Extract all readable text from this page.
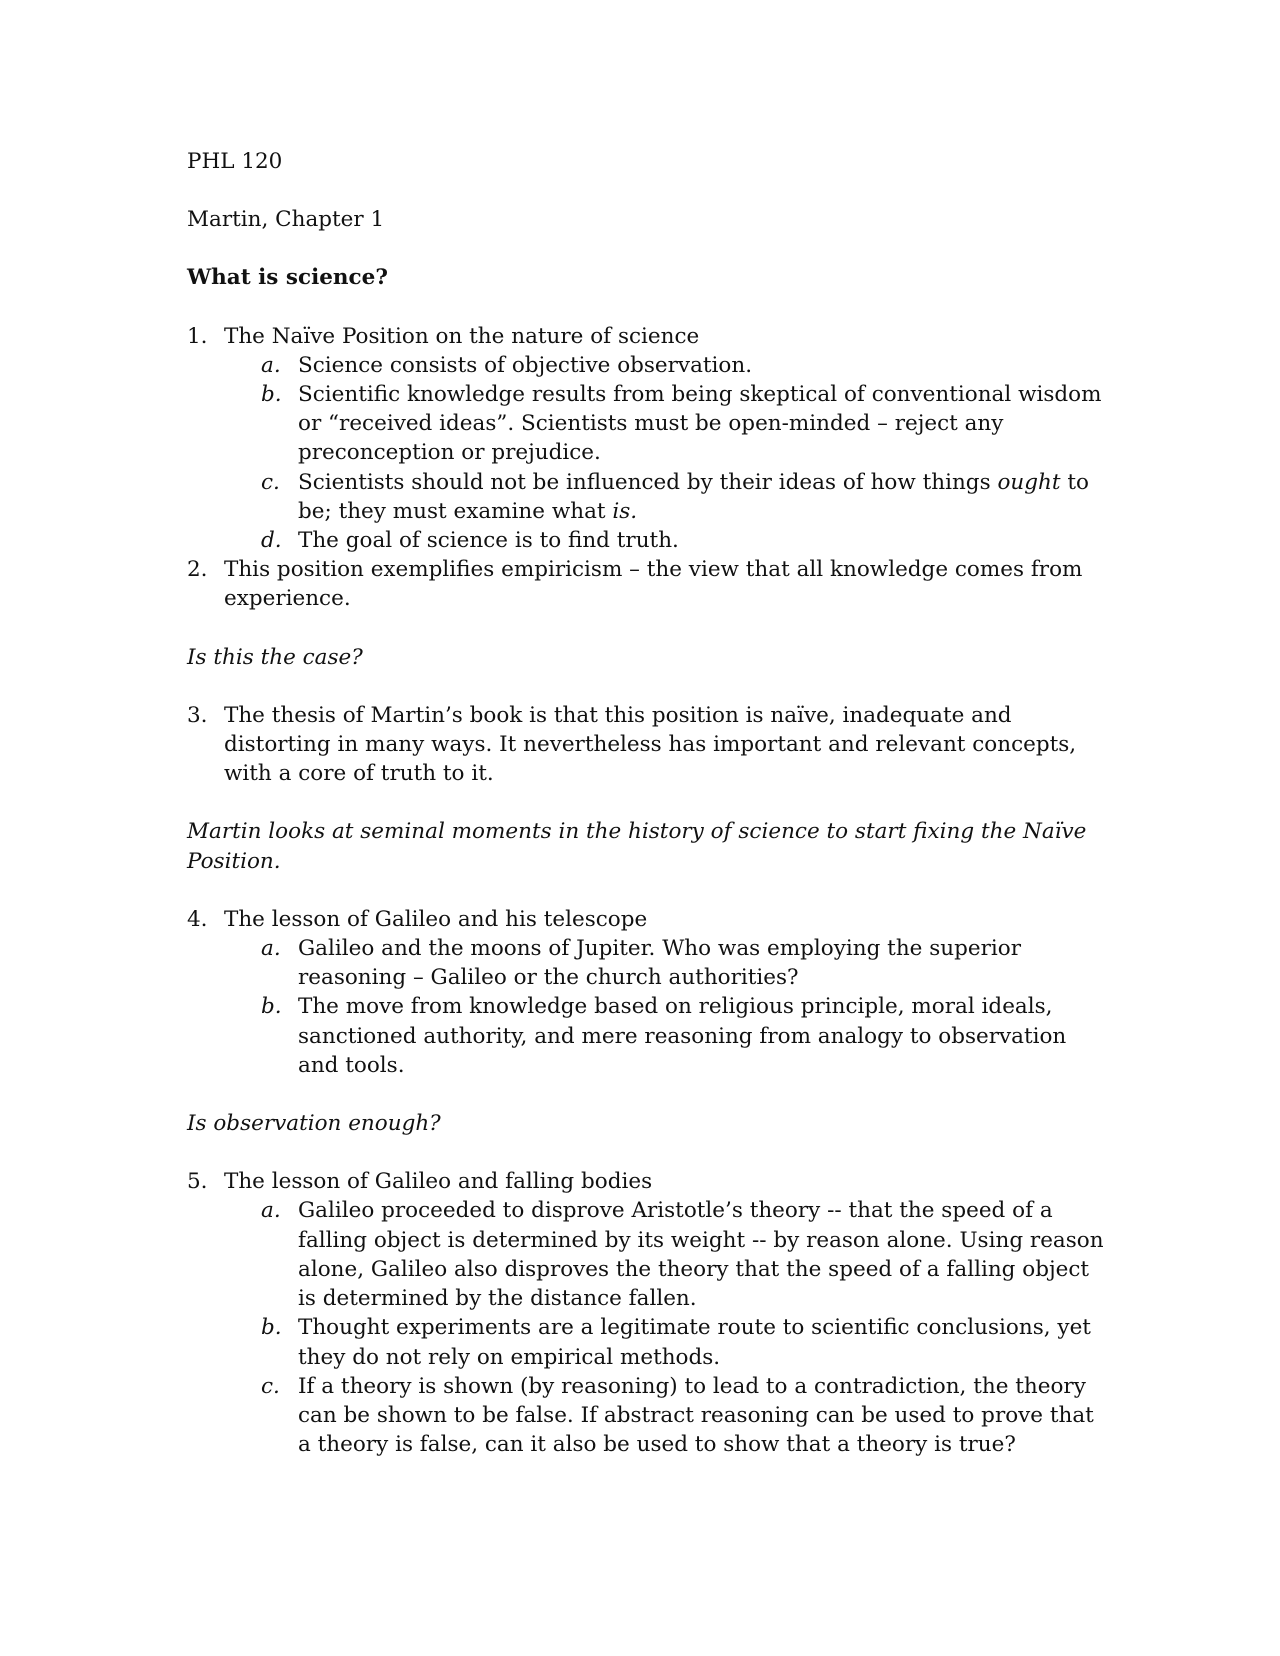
PHL 120

Martin, Chapter 1

What is science?

1. The Naïve Position on the nature of science
a. Science consists of objective observation.
b. Scientific knowledge results from being skeptical of conventional wisdom or “received ideas”. Scientists must be open-minded – reject any preconception or prejudice.
c. Scientists should not be influenced by their ideas of how things ought to be; they must examine what is.
d. The goal of science is to find truth.
2. This position exemplifies empiricism – the view that all knowledge comes from experience.

Is this the case?

3. The thesis of Martin’s book is that this position is naïve, inadequate and distorting in many ways. It nevertheless has important and relevant concepts, with a core of truth to it.

Martin looks at seminal moments in the history of science to start fixing the Naïve Position.

4. The lesson of Galileo and his telescope
a. Galileo and the moons of Jupiter. Who was employing the superior reasoning – Galileo or the church authorities?
b. The move from knowledge based on religious principle, moral ideals, sanctioned authority, and mere reasoning from analogy to observation and tools.

Is observation enough?

5. The lesson of Galileo and falling bodies
a. Galileo proceeded to disprove Aristotle’s theory -- that the speed of a falling object is determined by its weight -- by reason alone. Using reason alone, Galileo also disproves the theory that the speed of a falling object is determined by the distance fallen.
b. Thought experiments are a legitimate route to scientific conclusions, yet they do not rely on empirical methods.
c. If a theory is shown (by reasoning) to lead to a contradiction, the theory can be shown to be false. If abstract reasoning can be used to prove that a theory is false, can it also be used to show that a theory is true?
